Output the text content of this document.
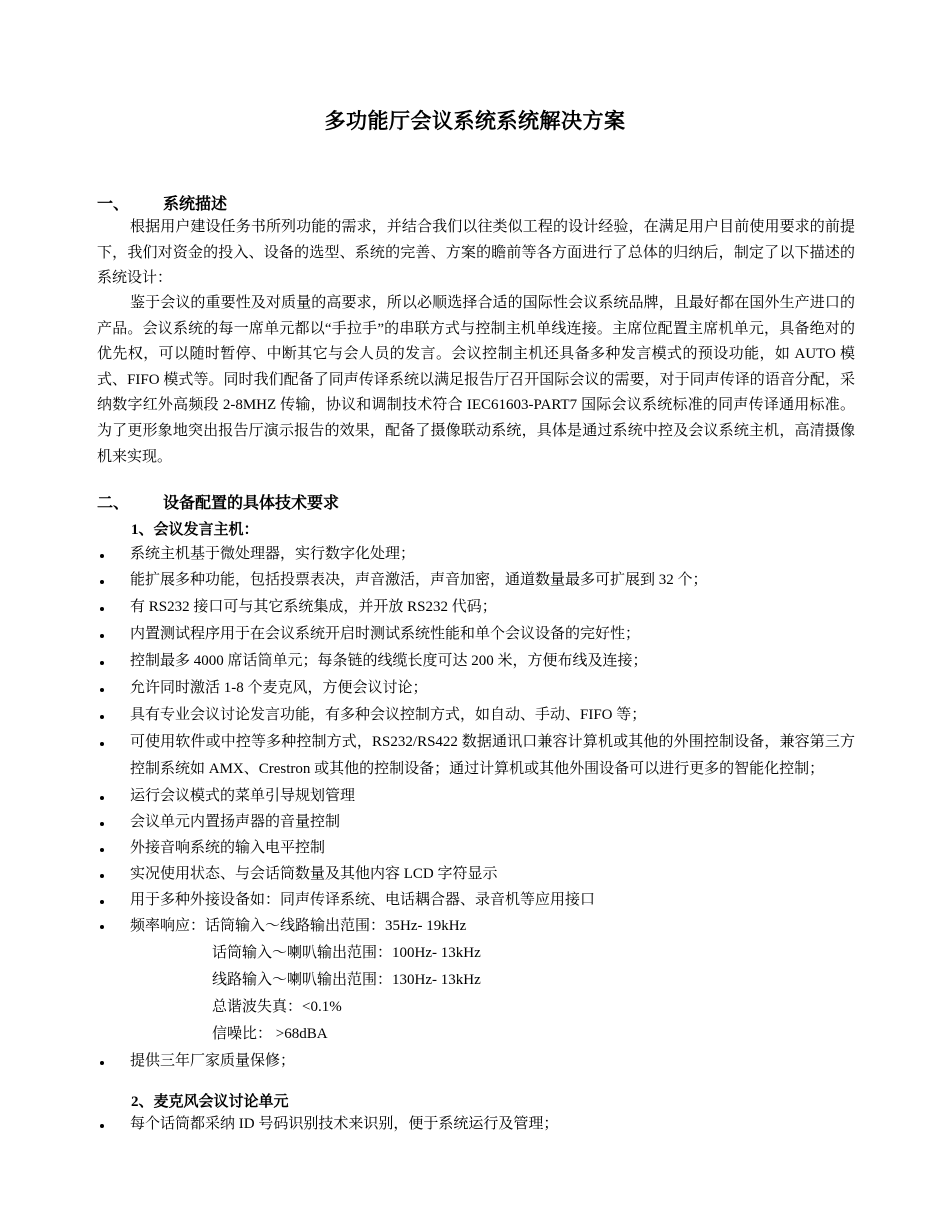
多功能厅会议系统系统解决方案
一、 系统描述
根据用户建设任务书所列功能的需求，并结合我们以往类似工程的设计经验，在满足用户目前使用要求的前提下，我们对资金的投入、设备的选型、系统的完善、方案的瞻前等各方面进行了总体的归纳后，制定了以下描述的系统设计：
鉴于会议的重要性及对质量的高要求，所以必顺选择合适的国际性会议系统品牌，且最好都在国外生产进口的产品。会议系统的每一席单元都以“手拉手”的串联方式与控制主机单线连接。主席位配置主席机单元，具备绝对的优先权，可以随时暂停、中断其它与会人员的发言。会议控制主机还具备多种发言模式的预设功能，如 AUTO 模式、FIFO 模式等。同时我们配备了同声传译系统以满足报告厅召开国际会议的需要，对于同声传译的语音分配，采纳数字红外高频段 2-8MHZ 传输，协议和调制技术符合 IEC61603-PART7 国际会议系统标准的同声传译通用标准。为了更形象地突出报告厅演示报告的效果，配备了摄像联动系统，具体是通过系统中控及会议系统主机，高清摄像机来实现。
二、 设备配置的具体技术要求
1、会议发言主机：
系统主机基于微处理器，实行数字化处理；
能扩展多种功能，包括投票表决，声音激活，声音加密，通道数量最多可扩展到 32 个；
有 RS232 接口可与其它系统集成，并开放 RS232 代码；
内置测试程序用于在会议系统开启时测试系统性能和单个会议设备的完好性；
控制最多 4000 席话筒单元；每条链的线缆长度可达 200 米，方便布线及连接；
允许同时激活 1-8 个麦克风，方便会议讨论；
具有专业会议讨论发言功能，有多种会议控制方式，如自动、手动、FIFO 等；
可使用软件或中控等多种控制方式，RS232/RS422 数据通讯口兼容计算机或其他的外围控制设备，兼容第三方控制系统如 AMX、Crestron 或其他的控制设备；通过计算机或其他外围设备可以进行更多的智能化控制；
运行会议模式的菜单引导规划管理
会议单元内置扬声器的音量控制
外接音响系统的输入电平控制
实况使用状态、与会话筒数量及其他内容 LCD 字符显示
用于多种外接设备如：同声传译系统、电话耦合器、录音机等应用接口
频率响应：话筒输入～线路输出范围：35Hz- 19kHz
话筒输入～喇叭输出范围：100Hz- 13kHz
线路输入～喇叭输出范围：130Hz- 13kHz
总谐波失真：<0.1%
信噪比： >68dBA
提供三年厂家质量保修；
2、麦克风会议讨论单元
每个话筒都采纳 ID 号码识别技术来识别，便于系统运行及管理；
